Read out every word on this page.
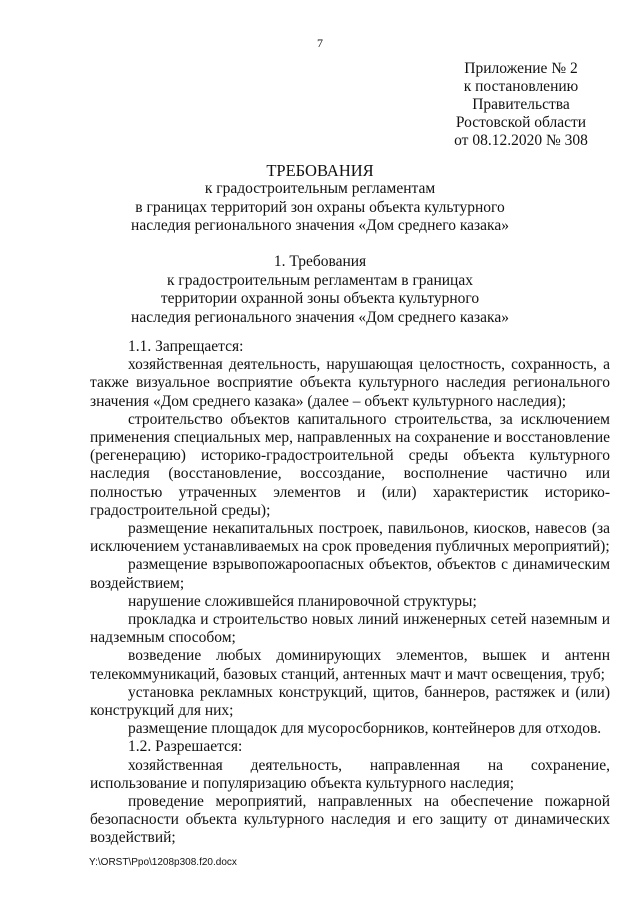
7
Приложение № 2
к постановлению
Правительства
Ростовской области
от 08.12.2020 № 308
ТРЕБОВАНИЯ
к градостроительным регламентам
в границах территорий зон охраны объекта культурного
наследия регионального значения «Дом среднего казака»
1. Требования
к градостроительным регламентам в границах
территории охранной зоны объекта культурного
наследия регионального значения «Дом среднего казака»

1.1. Запрещается:

хозяйственная деятельность, нарушающая целостность, сохранность, а также визуальное восприятие объекта культурного наследия регионального значения «Дом среднего казака» (далее – объект культурного наследия);

строительство объектов капитального строительства, за исключением применения специальных мер, направленных на сохранение и восстановление (регенерацию) историко-градостроительной среды объекта культурного наследия (восстановление, воссоздание, восполнение частично или полностью утраченных элементов и (или) характеристик историко-градостроительной среды);

размещение некапитальных построек, павильонов, киосков, навесов (за исключением устанавливаемых на срок проведения публичных мероприятий);

размещение взрывопожароопасных объектов, объектов с динамическим воздействием;

нарушение сложившейся планировочной структуры;

прокладка и строительство новых линий инженерных сетей наземным и надземным способом;

возведение любых доминирующих элементов, вышек и антенн телекоммуникаций, базовых станций, антенных мачт и мачт освещения, труб;

установка рекламных конструкций, щитов, баннеров, растяжек и (или) конструкций для них;

размещение площадок для мусоросборников, контейнеров для отходов.

1.2. Разрешается:

хозяйственная деятельность, направленная на сохранение, использование и популяризацию объекта культурного наследия;

проведение мероприятий, направленных на обеспечение пожарной безопасности объекта культурного наследия и его защиту от динамических воздействий;

Y:\ORST\Ppo\1208p308.f20.docx
